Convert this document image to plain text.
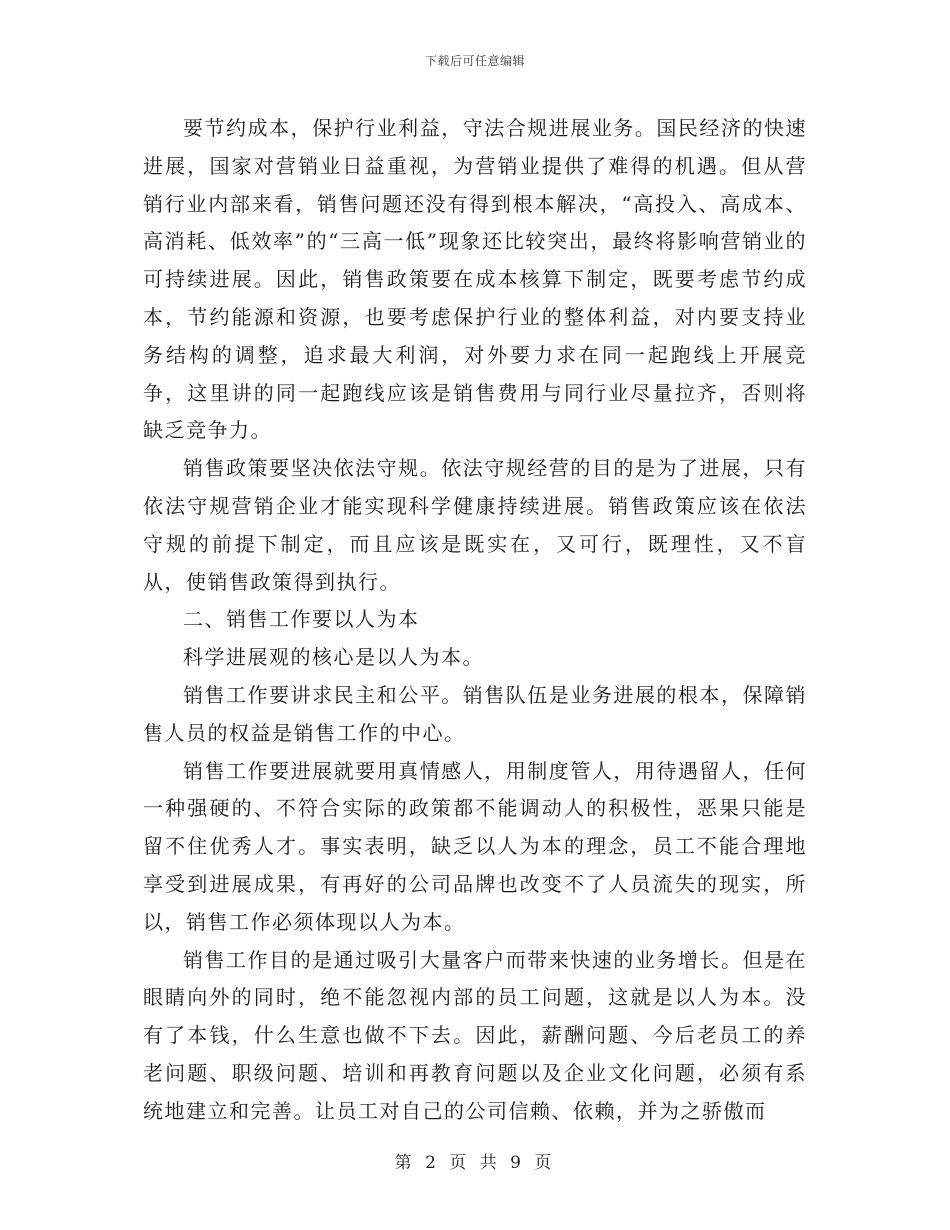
下载后可任意编辑

要节约成本，保护行业利益，守法合规进展业务。国民经济的快速进展，国家对营销业日益重视，为营销业提供了难得的机遇。但从营销行业内部来看，销售问题还没有得到根本解决，“高投入、高成本、高消耗、低效率”的“三高一低”现象还比较突出，最终将影响营销业的可持续进展。因此，销售政策要在成本核算下制定，既要考虑节约成本，节约能源和资源，也要考虑保护行业的整体利益，对内要支持业务结构的调整，追求最大利润，对外要力求在同一起跑线上开展竞争，这里讲的同一起跑线应该是销售费用与同行业尽量拉齐，否则将缺乏竞争力。

销售政策要坚决依法守规。依法守规经营的目的是为了进展，只有依法守规营销企业才能实现科学健康持续进展。销售政策应该在依法守规的前提下制定，而且应该是既实在，又可行，既理性，又不盲从，使销售政策得到执行。

二、销售工作要以人为本

科学进展观的核心是以人为本。

销售工作要讲求民主和公平。销售队伍是业务进展的根本，保障销售人员的权益是销售工作的中心。

销售工作要进展就要用真情感人，用制度管人，用待遇留人，任何一种强硬的、不符合实际的政策都不能调动人的积极性，恶果只能是留不住优秀人才。事实表明，缺乏以人为本的理念，员工不能合理地享受到进展成果，有再好的公司品牌也改变不了人员流失的现实，所以，销售工作必须体现以人为本。

销售工作目的是通过吸引大量客户而带来快速的业务增长。但是在眼睛向外的同时，绝不能忽视内部的员工问题，这就是以人为本。没有了本钱，什么生意也做不下去。因此，薪酬问题、今后老员工的养老问题、职级问题、培训和再教育问题以及企业文化问题，必须有系统地建立和完善。让员工对自己的公司信赖、依赖，并为之骄傲而

第 2 页 共 9 页
